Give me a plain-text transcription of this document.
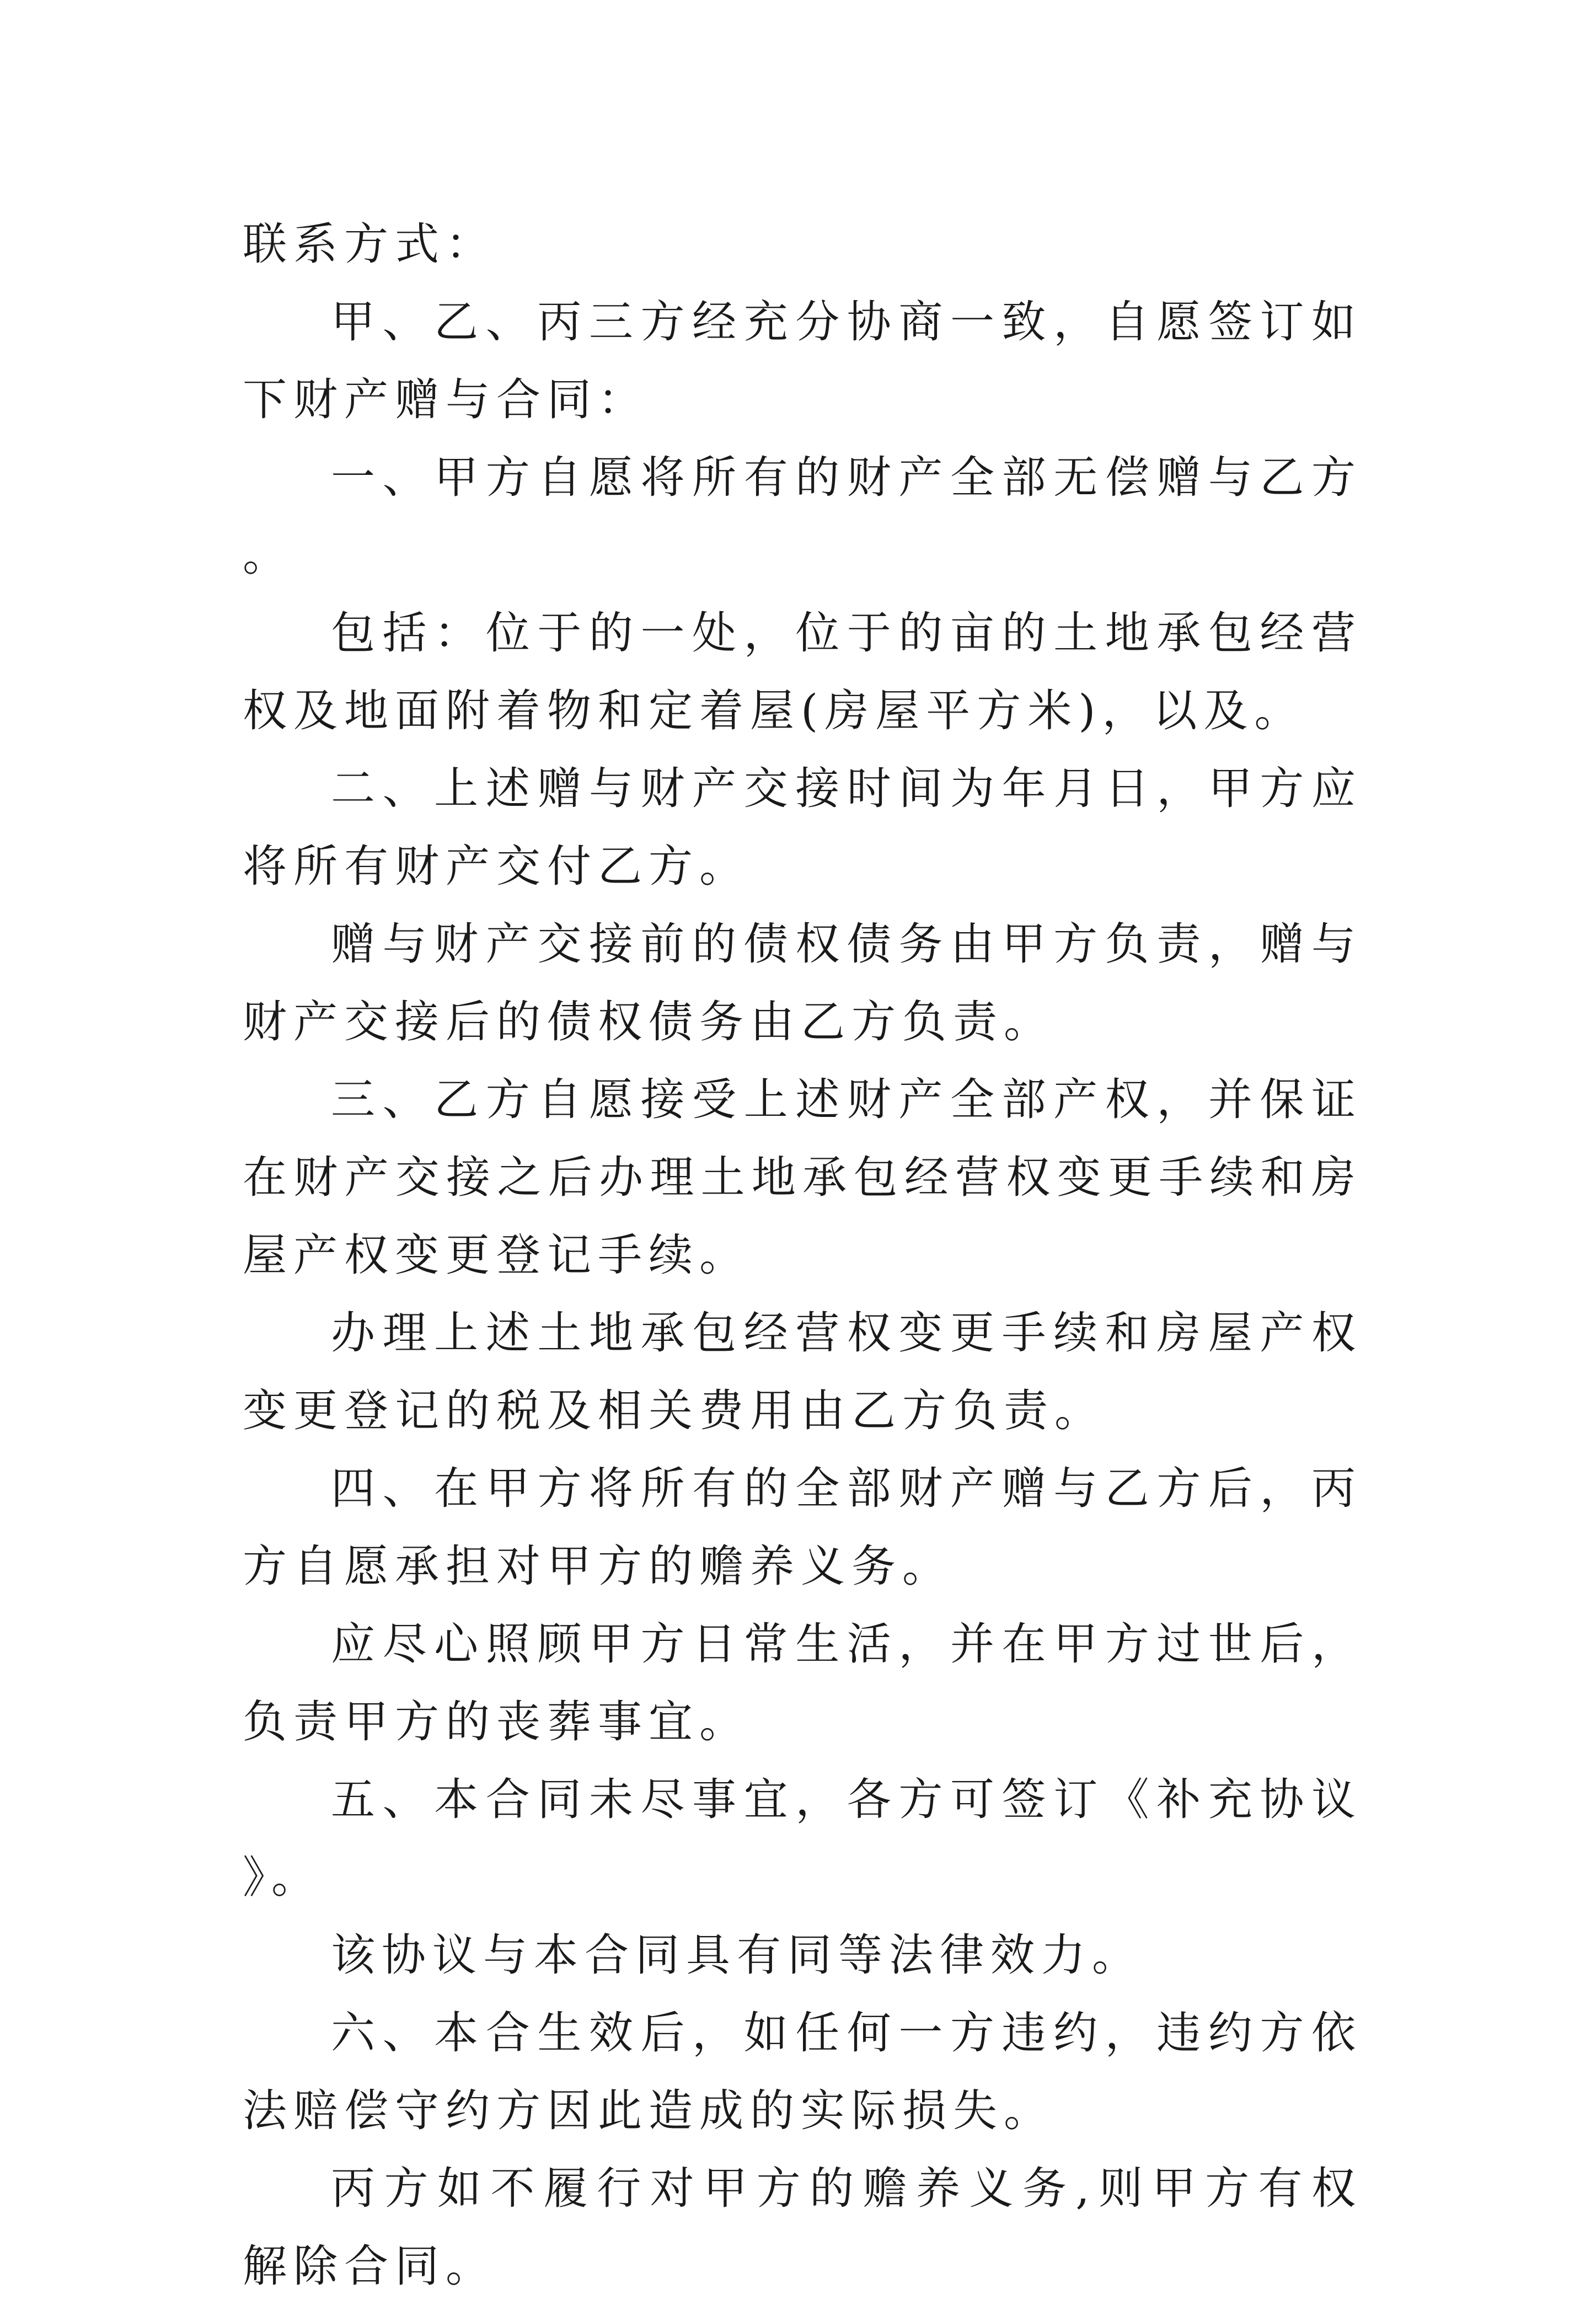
联系方式：

甲、乙、丙三方经充分协商一致，自愿签订如下财产赠与合同：

一、甲方自愿将所有的财产全部无偿赠与乙方。

包括：位于的一处，位于的亩的土地承包经营权及地面附着物和定着屋(房屋平方米)，以及。

二、上述赠与财产交接时间为年月日，甲方应将所有财产交付乙方。

赠与财产交接前的债权债务由甲方负责，赠与财产交接后的债权债务由乙方负责。

三、乙方自愿接受上述财产全部产权，并保证在财产交接之后办理土地承包经营权变更手续和房屋产权变更登记手续。

办理上述土地承包经营权变更手续和房屋产权变更登记的税及相关费用由乙方负责。

四、在甲方将所有的全部财产赠与乙方后，丙方自愿承担对甲方的赡养义务。

应尽心照顾甲方日常生活，并在甲方过世后，负责甲方的丧葬事宜。

五、本合同未尽事宜，各方可签订《补充协议》。

该协议与本合同具有同等法律效力。

六、本合生效后，如任何一方违约，违约方依法赔偿守约方因此造成的实际损失。

丙方如不履行对甲方的赡养义务,则甲方有权解除合同。
